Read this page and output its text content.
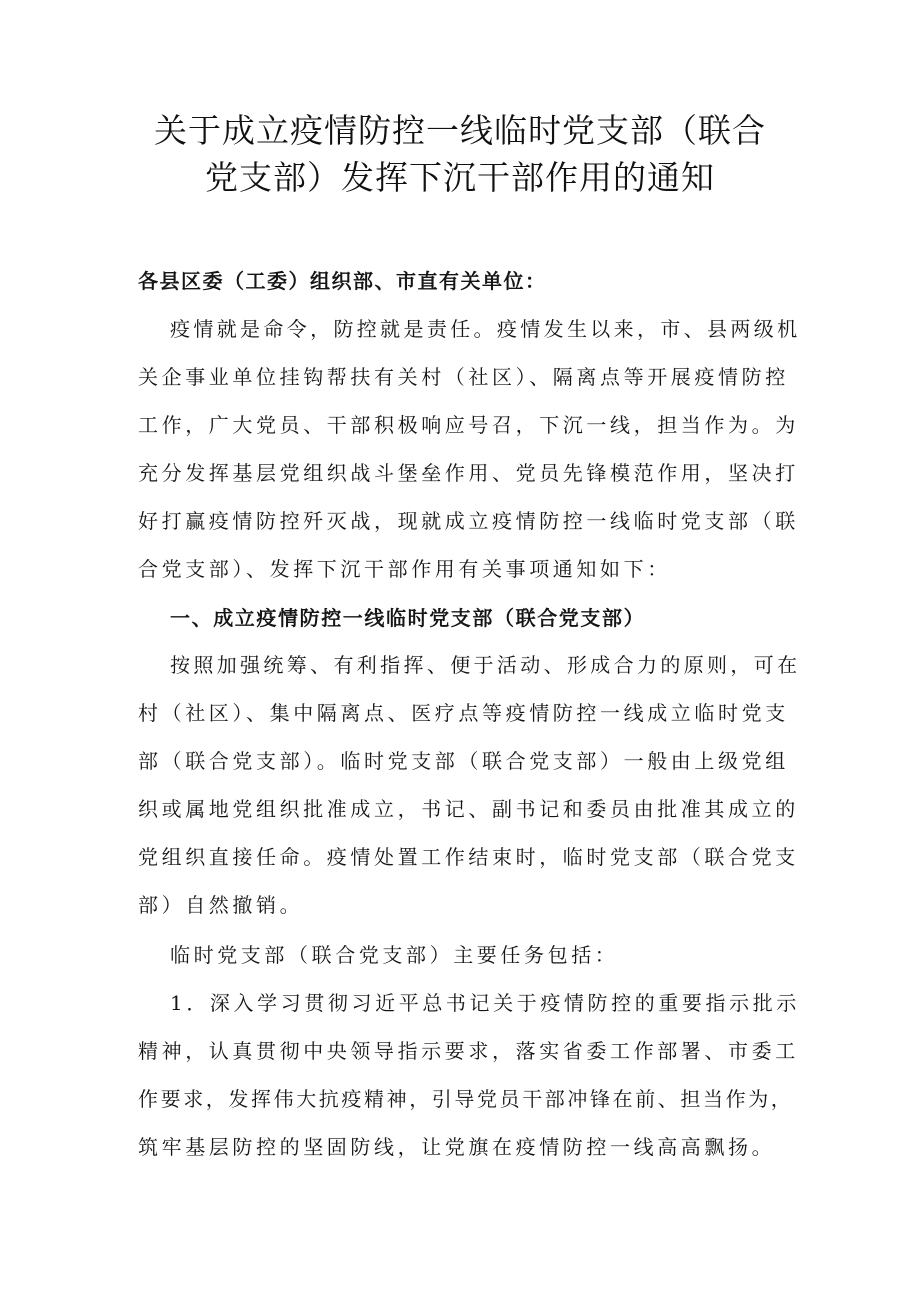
关于成立疫情防控一线临时党支部（联合
党支部）发挥下沉干部作用的通知
各县区委（工委）组织部、市直有关单位：
疫情就是命令，防控就是责任。疫情发生以来，市、县两级机
关企事业单位挂钩帮扶有关村（社区）、隔离点等开展疫情防控
工作，广大党员、干部积极响应号召，下沉一线，担当作为。为
充分发挥基层党组织战斗堡垒作用、党员先锋模范作用，坚决打
好打赢疫情防控歼灭战，现就成立疫情防控一线临时党支部（联
合党支部）、发挥下沉干部作用有关事项通知如下：
一、成立疫情防控一线临时党支部（联合党支部）
按照加强统筹、有利指挥、便于活动、形成合力的原则，可在
村（社区）、集中隔离点、医疗点等疫情防控一线成立临时党支
部（联合党支部）。临时党支部（联合党支部）一般由上级党组
织或属地党组织批准成立，书记、副书记和委员由批准其成立的
党组织直接任命。疫情处置工作结束时，临时党支部（联合党支
部）自然撤销。
临时党支部（联合党支部）主要任务包括：
1．深入学习贯彻习近平总书记关于疫情防控的重要指示批示
精神，认真贯彻中央领导指示要求，落实省委工作部署、市委工
作要求，发挥伟大抗疫精神，引导党员干部冲锋在前、担当作为，
筑牢基层防控的坚固防线，让党旗在疫情防控一线高高飘扬。
